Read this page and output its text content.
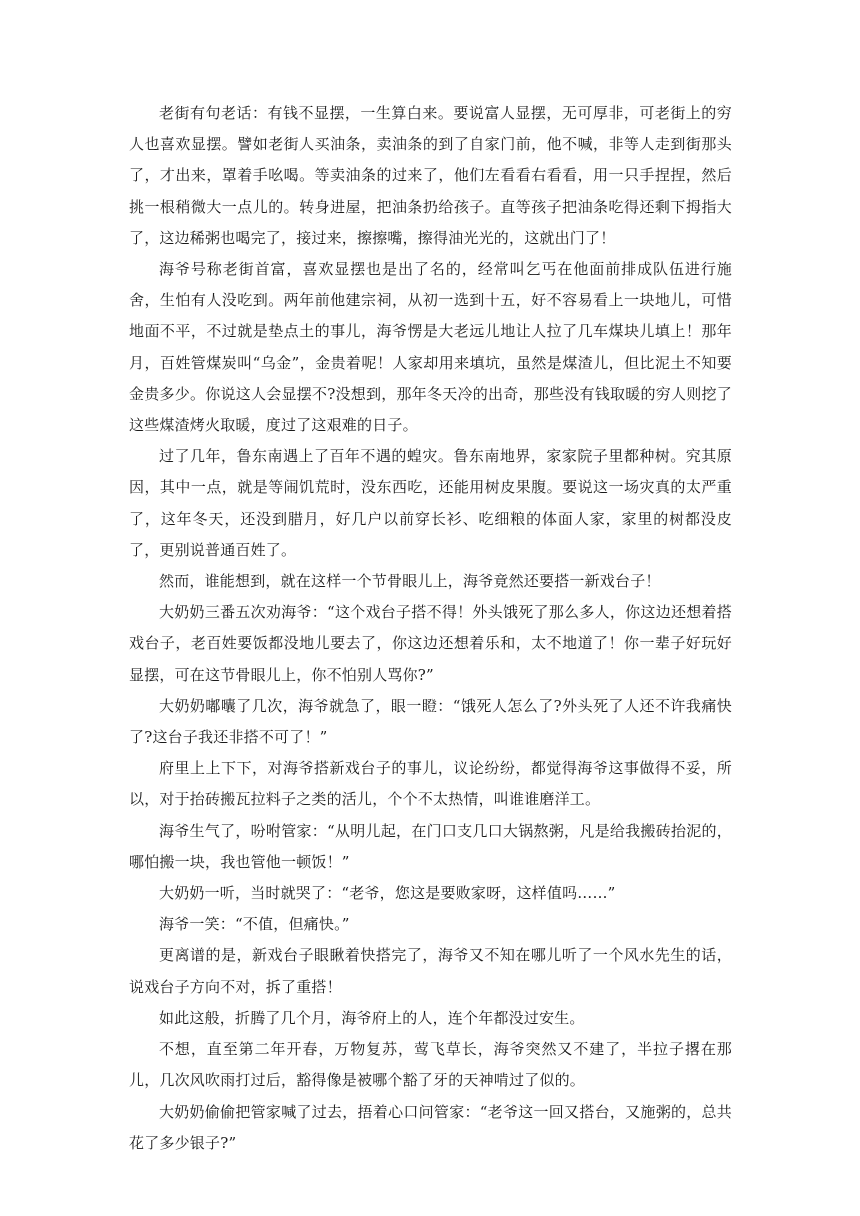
老街有句老话：有钱不显摆，一生算白来。要说富人显摆，无可厚非，可老街上的穷人也喜欢显摆。譬如老街人买油条，卖油条的到了自家门前，他不喊，非等人走到街那头了，才出来，罩着手吆喝。等卖油条的过来了，他们左看看右看看，用一只手捏捏，然后挑一根稍微大一点儿的。转身进屋，把油条扔给孩子。直等孩子把油条吃得还剩下拇指大了，这边稀粥也喝完了，接过来，擦擦嘴，擦得油光光的，这就出门了！

海爷号称老街首富，喜欢显摆也是出了名的，经常叫乞丐在他面前排成队伍进行施舍，生怕有人没吃到。两年前他建宗祠，从初一选到十五，好不容易看上一块地儿，可惜地面不平，不过就是垫点土的事儿，海爷愣是大老远儿地让人拉了几车煤块儿填上！那年月，百姓管煤炭叫“乌金”，金贵着呢！人家却用来填坑，虽然是煤渣儿，但比泥土不知要金贵多少。你说这人会显摆不?没想到，那年冬天冷的出奇，那些没有钱取暖的穷人则挖了这些煤渣烤火取暖，度过了这艰难的日子。

过了几年，鲁东南遇上了百年不遇的蝗灾。鲁东南地界，家家院子里都种树。究其原因，其中一点，就是等闹饥荒时，没东西吃，还能用树皮果腹。要说这一场灾真的太严重了，这年冬天，还没到腊月，好几户以前穿长衫、吃细粮的体面人家，家里的树都没皮了，更别说普通百姓了。

然而，谁能想到，就在这样一个节骨眼儿上，海爷竟然还要搭一新戏台子！

大奶奶三番五次劝海爷：“这个戏台子搭不得！外头饿死了那么多人，你这边还想着搭戏台子，老百姓要饭都没地儿要去了，你这边还想着乐和，太不地道了！你一辈子好玩好显摆，可在这节骨眼儿上，你不怕别人骂你?”

大奶奶嘟囔了几次，海爷就急了，眼一瞪：“饿死人怎么了?外头死了人还不许我痛快了?这台子我还非搭不可了！”

府里上上下下，对海爷搭新戏台子的事儿，议论纷纷，都觉得海爷这事做得不妥，所以，对于抬砖搬瓦拉料子之类的活儿，个个不太热情，叫谁谁磨洋工。

海爷生气了，吩咐管家：“从明儿起，在门口支几口大锅熬粥，凡是给我搬砖抬泥的，哪怕搬一块，我也管他一顿饭！”

大奶奶一听，当时就哭了：“老爷，您这是要败家呀，这样值吗……”

海爷一笑：“不值，但痛快。”

更离谱的是，新戏台子眼瞅着快搭完了，海爷又不知在哪儿听了一个风水先生的话，说戏台子方向不对，拆了重搭！

如此这般，折腾了几个月，海爷府上的人，连个年都没过安生。

不想，直至第二年开春，万物复苏，莺飞草长，海爷突然又不建了，半拉子撂在那儿，几次风吹雨打过后，豁得像是被哪个豁了牙的天神啃过了似的。

大奶奶偷偷把管家喊了过去，捂着心口问管家：“老爷这一回又搭台，又施粥的，总共花了多少银子?”
